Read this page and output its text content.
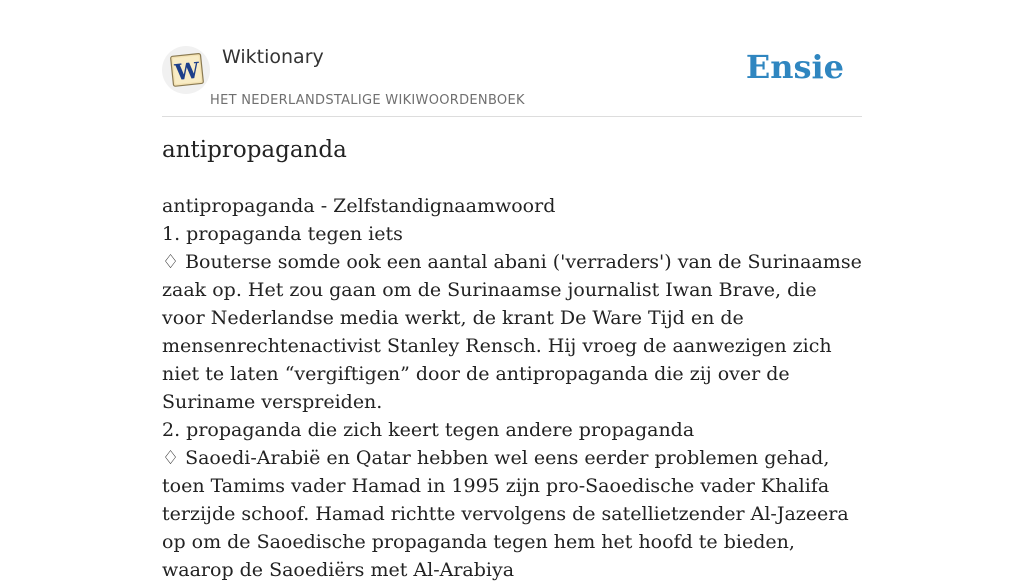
W
Wiktionary
HET NEDERLANDSTALIGE WIKIWOORDENBOEK
Ensie
antipropaganda
antipropaganda - Zelfstandignaamwoord
1. propaganda tegen iets
♢ Bouterse somde ook een aantal abani ('verraders') van de Surinaamse zaak op. Het zou gaan om de Surinaamse journalist Iwan Brave, die voor Nederlandse media werkt, de krant De Ware Tijd en de mensenrechtenactivist Stanley Rensch. Hij vroeg de aanwezigen zich niet te laten “vergiftigen” door de antipropaganda die zij over de Suriname verspreiden.
2. propaganda die zich keert tegen andere propaganda
♢ Saoedi-Arabië en Qatar hebben wel eens eerder problemen gehad, toen Tamims vader Hamad in 1995 zijn pro-Saoedische vader Khalifa terzijde schoof. Hamad richtte vervolgens de satellietzender Al-Jazeera op om de Saoedische propaganda tegen hem het hoofd te bieden, waarop de Saoediërs met Al-Arabiya
